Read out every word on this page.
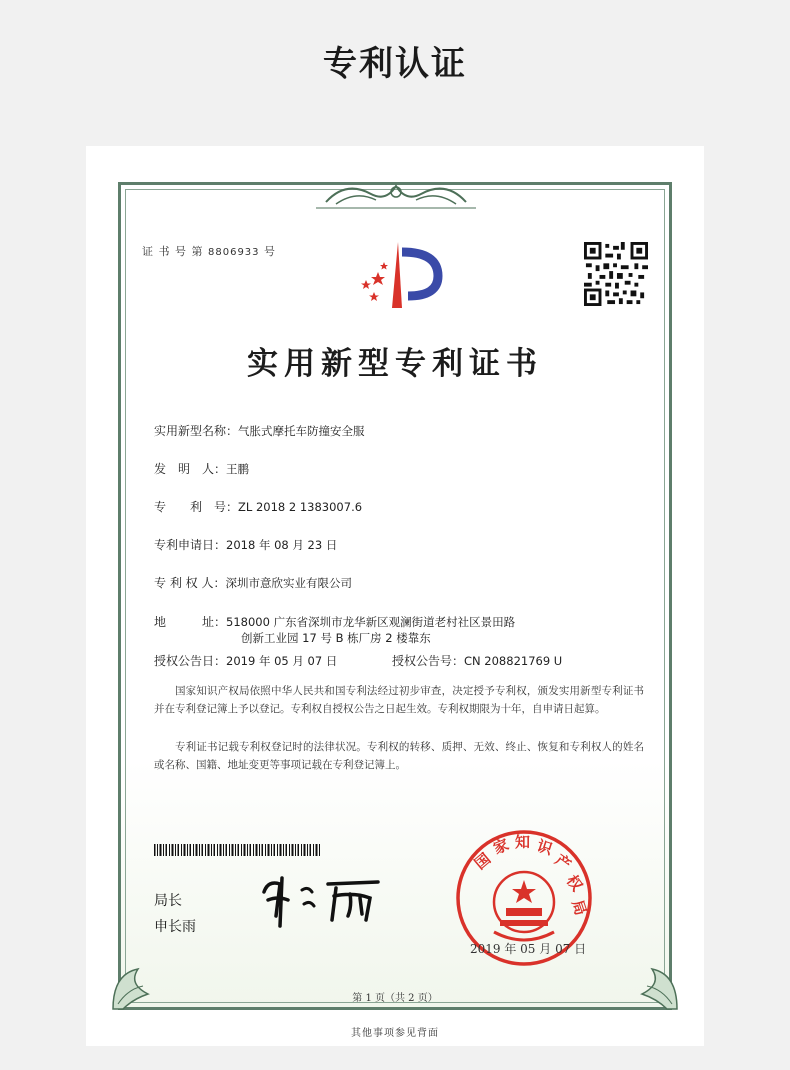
专利认证
证 书 号 第 8806933 号
实用新型专利证书
实用新型名称：气胀式摩托车防撞安全服
发　明　人：王鹏
专　　利　号：ZL 2018 2 1383007.6
专利申请日：2018 年 08 月 23 日
专 利 权 人：深圳市意欣实业有限公司
地　　　址：518000 广东省深圳市龙华新区观澜街道老村社区景田路
创新工业园 17 号 B 栋厂房 2 楼靠东
授权公告日：2019 年 05 月 07 日	授权公告号：CN 208821769 U
国家知识产权局依照中华人民共和国专利法经过初步审查，决定授予专利权，颁发实用新型专利证书并在专利登记簿上予以登记。专利权自授权公告之日起生效。专利权期限为十年，自申请日起算。
专利证书记载专利权登记时的法律状况。专利权的转移、质押、无效、终止、恢复和专利权人的姓名或名称、国籍、地址变更等事项记载在专利登记簿上。
局长
申长雨
国
家 知 识
产
权
局
2019 年 05 月 07 日
第 1 页（共 2 页）
其他事项参见背面
